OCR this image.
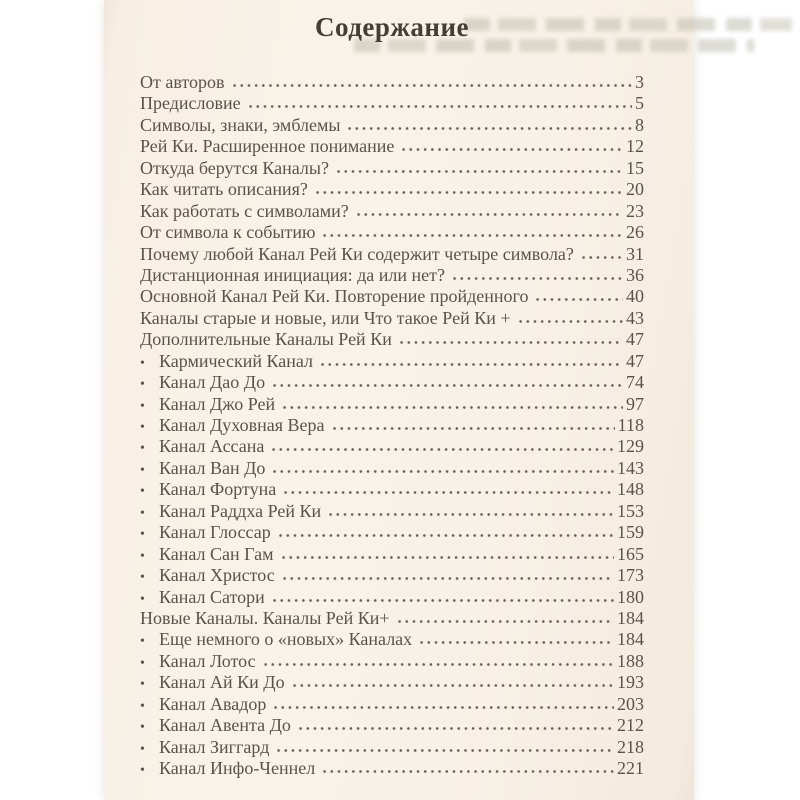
Содержание
От авторов	3
Предисловие	5
Символы, знаки, эмблемы	8
Рей Ки. Расширенное понимание	12
Откуда берутся Каналы?	15
Как читать описания?	20
Как работать с символами?	23
От символа к событию	26
Почему любой Канал Рей Ки содержит четыре символа?	31
Дистанционная инициация: да или нет?	36
Основной Канал Рей Ки. Повторение пройденного	40
Каналы старые и новые, или Что такое Рей Ки +	43
Дополнительные Каналы Рей Ки	47
• Кармический Канал	47
• Канал Дао До	74
• Канал Джо Рей	97
• Канал Духовная Вера	118
• Канал Ассана	129
• Канал Ван До	143
• Канал Фортуна	148
• Канал Раддха Рей Ки	153
• Канал Глоссар	159
• Канал Сан Гам	165
• Канал Христос	173
• Канал Сатори	180
Новые Каналы. Каналы Рей Ки+	184
• Еще немного о «новых» Каналах	184
• Канал Лотос	188
• Канал Ай Ки До	193
• Канал Авадор	203
• Канал Авента До	212
• Канал Зиггард	218
• Канал Инфо-Ченнел	221
